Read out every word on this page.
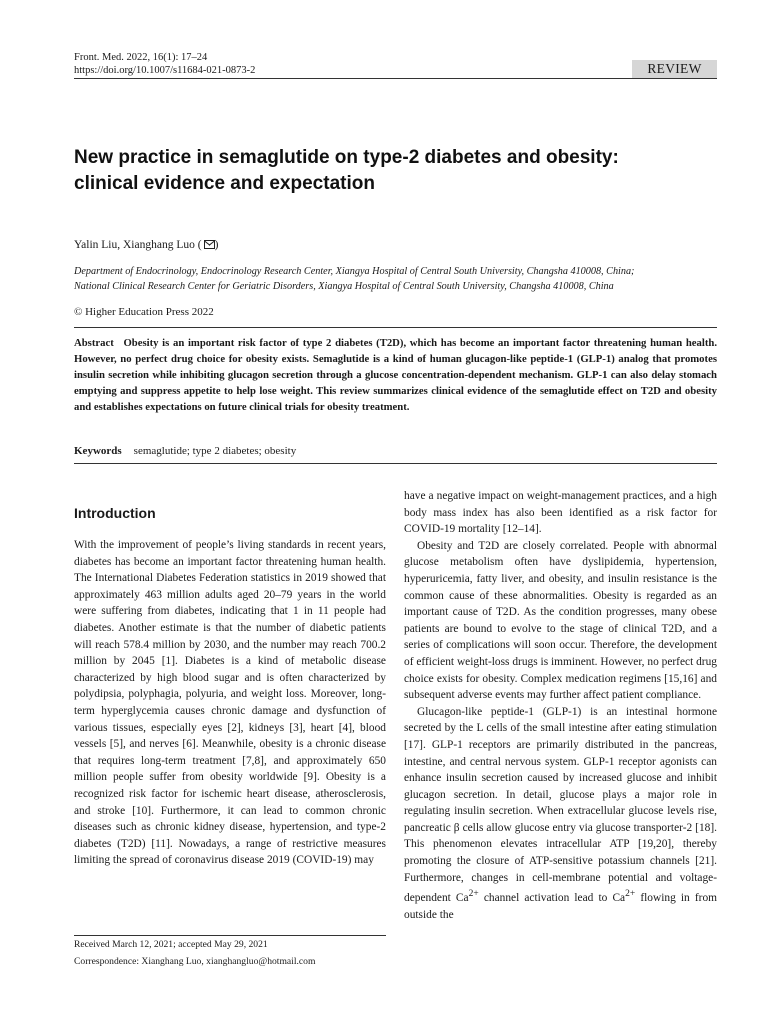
Front. Med. 2022, 16(1): 17–24
https://doi.org/10.1007/s11684-021-0873-2	REVIEW
New practice in semaglutide on type-2 diabetes and obesity:
clinical evidence and expectation
Yalin Liu, Xianghang Luo ( )
Department of Endocrinology, Endocrinology Research Center, Xiangya Hospital of Central South University, Changsha 410008, China;
National Clinical Research Center for Geriatric Disorders, Xiangya Hospital of Central South University, Changsha 410008, China
© Higher Education Press 2022

Abstract Obesity is an important risk factor of type 2 diabetes (T2D), which has become an important factor threatening human health. However, no perfect drug choice for obesity exists. Semaglutide is a kind of human glucagon-like peptide-1 (GLP-1) analog that promotes insulin secretion while inhibiting glucagon secretion through a glucose concentration-dependent mechanism. GLP-1 can also delay stomach emptying and suppress appetite to help lose weight. This review summarizes clinical evidence of the semaglutide effect on T2D and obesity and establishes expectations on future clinical trials for obesity treatment.

Keywords semaglutide; type 2 diabetes; obesity
Introduction

With the improvement of people’s living standards in recent years, diabetes has become an important factor threatening human health. The International Diabetes Federation statistics in 2019 showed that approximately 463 million adults aged 20–79 years in the world were suffering from diabetes, indicating that 1 in 11 people had diabetes. Another estimate is that the number of diabetic patients will reach 578.4 million by 2030, and the number may reach 700.2 million by 2045 [1]. Diabetes is a kind of metabolic disease characterized by high blood sugar and is often characterized by polydipsia, polyphagia, polyuria, and weight loss. Moreover, long-term hyperglycemia causes chronic damage and dysfunction of various tissues, especially eyes [2], kidneys [3], heart [4], blood vessels [5], and nerves [6]. Meanwhile, obesity is a chronic disease that requires long-term treatment [7,8], and approximately 650 million people suffer from obesity worldwide [9]. Obesity is a recognized risk factor for ischemic heart disease, atherosclerosis, and stroke [10]. Furthermore, it can lead to common chronic diseases such as chronic kidney disease, hypertension, and type-2 diabetes (T2D) [11]. Nowadays, a range of restrictive measures limiting the spread of coronavirus disease 2019 (COVID-19) may

have a negative impact on weight-management practices, and a high body mass index has also been identified as a risk factor for COVID-19 mortality [12–14].

Obesity and T2D are closely correlated. People with abnormal glucose metabolism often have dyslipidemia, hypertension, hyperuricemia, fatty liver, and obesity, and insulin resistance is the common cause of these abnormalities. Obesity is regarded as an important cause of T2D. As the condition progresses, many obese patients are bound to evolve to the stage of clinical T2D, and a series of complications will soon occur. Therefore, the development of efficient weight-loss drugs is imminent. However, no perfect drug choice exists for obesity. Complex medication regimens [15,16] and subsequent adverse events may further affect patient compliance.

Glucagon-like peptide-1 (GLP-1) is an intestinal hormone secreted by the L cells of the small intestine after eating stimulation [17]. GLP-1 receptors are primarily distributed in the pancreas, intestine, and central nervous system. GLP-1 receptor agonists can enhance insulin secretion caused by increased glucose and inhibit glucagon secretion. In detail, glucose plays a major role in regulating insulin secretion. When extracellular glucose levels rise, pancreatic β cells allow glucose entry via glucose transporter-2 [18]. This phenomenon elevates intracellular ATP [19,20], thereby promoting the closure of ATP-sensitive potassium channels [21]. Furthermore, changes in cell-membrane potential and voltage-dependent $Ca^{2+}$ channel activation lead to $Ca^{2+}$ flowing in from outside the

Received March 12, 2021; accepted May 29, 2021
Correspondence: Xianghang Luo, xianghangluo@hotmail.com
